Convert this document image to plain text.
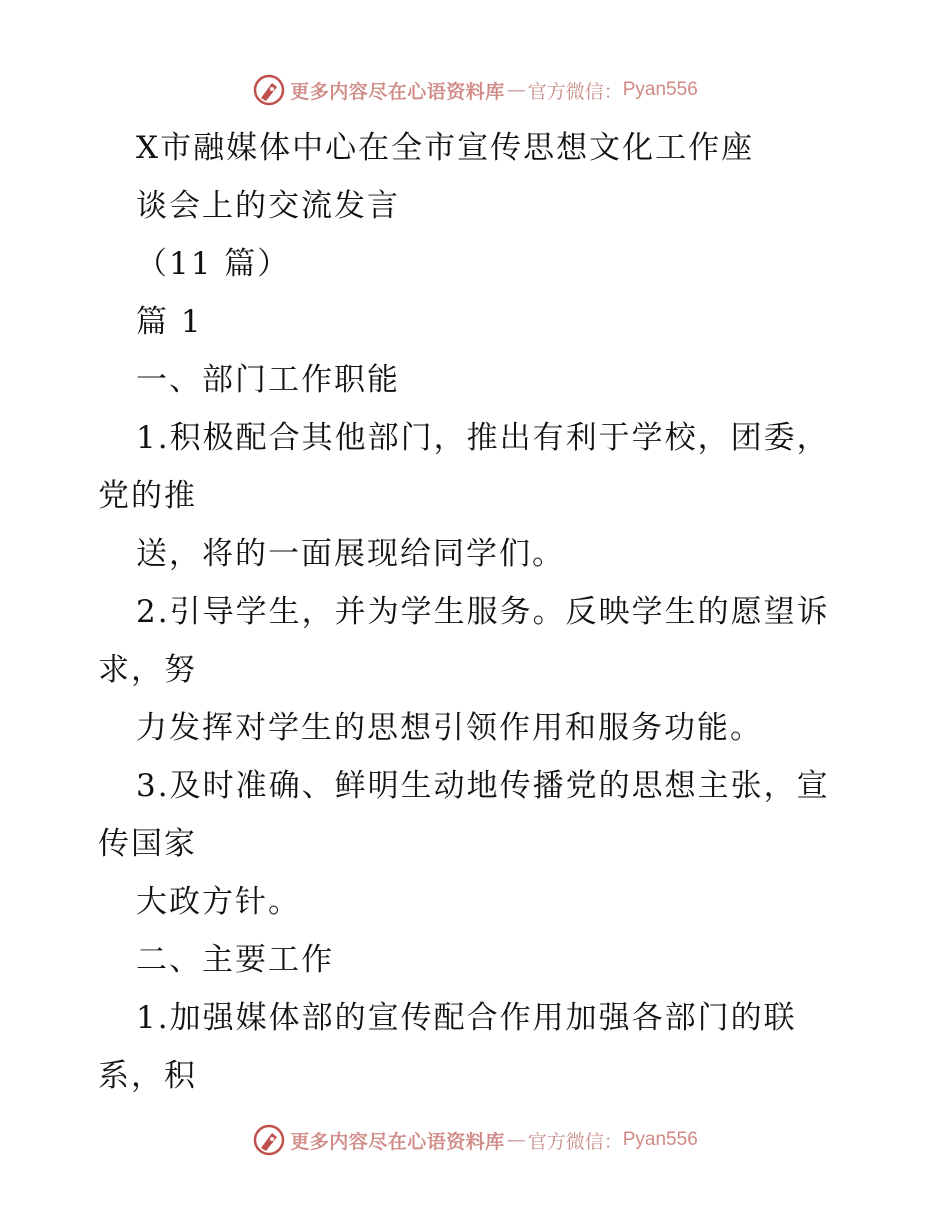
更多内容尽在心语资料库 — 官方微信： Pyan556
X市融媒体中心在全市宣传思想文化工作座
谈会上的交流发言
（11 篇）
篇 1
一、部门工作职能
1.积极配合其他部门，推出有利于学校，团委，
党的推
送，将的一面展现给同学们。
2.引导学生，并为学生服务。反映学生的愿望诉
求，努
力发挥对学生的思想引领作用和服务功能。
3.及时准确、鲜明生动地传播党的思想主张，宣
传国家
大政方针。
二、主要工作
1.加强媒体部的宣传配合作用加强各部门的联
系，积
更多内容尽在心语资料库 — 官方微信： Pyan556
